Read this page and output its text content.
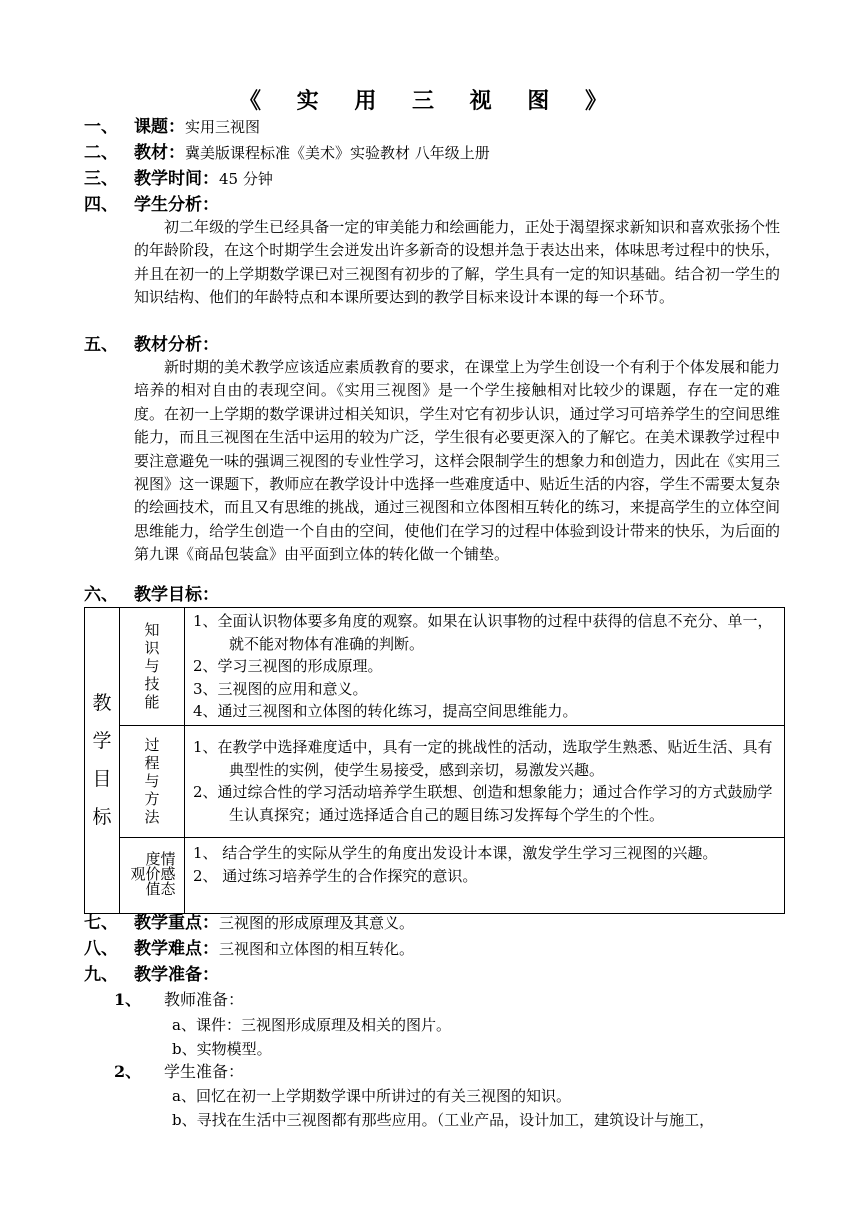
《 实 用 三 视 图 》
一、 课题：实用三视图
二、 教材：冀美版课程标准《美术》实验教材 八年级上册
三、 教学时间：45 分钟
四、 学生分析：
初二年级的学生已经具备一定的审美能力和绘画能力，正处于渴望探求新知识和喜欢张扬个性的年龄阶段，在这个时期学生会迸发出许多新奇的设想并急于表达出来，体味思考过程中的快乐，并且在初一的上学期数学课已对三视图有初步的了解，学生具有一定的知识基础。结合初一学生的知识结构、他们的年龄特点和本课所要达到的教学目标来设计本课的每一个环节。
五、 教材分析：
新时期的美术教学应该适应素质教育的要求，在课堂上为学生创设一个有利于个体发展和能力培养的相对自由的表现空间。《实用三视图》是一个学生接触相对比较少的课题，存在一定的难度。在初一上学期的数学课讲过相关知识，学生对它有初步认识，通过学习可培养学生的空间思维能力，而且三视图在生活中运用的较为广泛，学生很有必要更深入的了解它。在美术课教学过程中要注意避免一味的强调三视图的专业性学习，这样会限制学生的想象力和创造力，因此在《实用三视图》这一课题下，教师应在教学设计中选择一些难度适中、贴近生活的内容，学生不需要太复杂的绘画技术，而且又有思维的挑战，通过三视图和立体图相互转化的练习，来提高学生的立体空间思维能力，给学生创造一个自由的空间，使他们在学习的过程中体验到设计带来的快乐，为后面的第九课《商品包装盒》由平面到立体的转化做一个铺垫。
六、 教学目标：
教学目标	知识与技能	1、全面认识物体要多角度的观察。如果在认识事物的过程中获得的信息不充分、单一，就不能对物体有准确的判断。
2、学习三视图的形成原理。
3、三视图的应用和意义。
4、通过三视图和立体图的转化练习，提高空间思维能力。

	过程与方法	1、在教学中选择难度适中，具有一定的挑战性的活动，选取学生熟悉、贴近生活、具有典型性的实例，使学生易接受，感到亲切，易激发兴趣。
2、通过综合性的学习活动培养学生联想、创造和想象能力；通过合作学习的方式鼓励学生认真探究；通过选择适合自己的题目练习发挥每个学生的个性。

	情感态度价值观	1、 结合学生的实际从学生的角度出发设计本课，激发学生学习三视图的兴趣。
2、 通过练习培养学生的合作探究的意识。
七、 教学重点：三视图的形成原理及其意义。
八、 教学难点：三视图和立体图的相互转化。
九、 教学准备：
1、 教师准备：
a、课件：三视图形成原理及相关的图片。
b、实物模型。
2、 学生准备：
a、回忆在初一上学期数学课中所讲过的有关三视图的知识。
b、寻找在生活中三视图都有那些应用。（工业产品，设计加工，建筑设计与施工，
